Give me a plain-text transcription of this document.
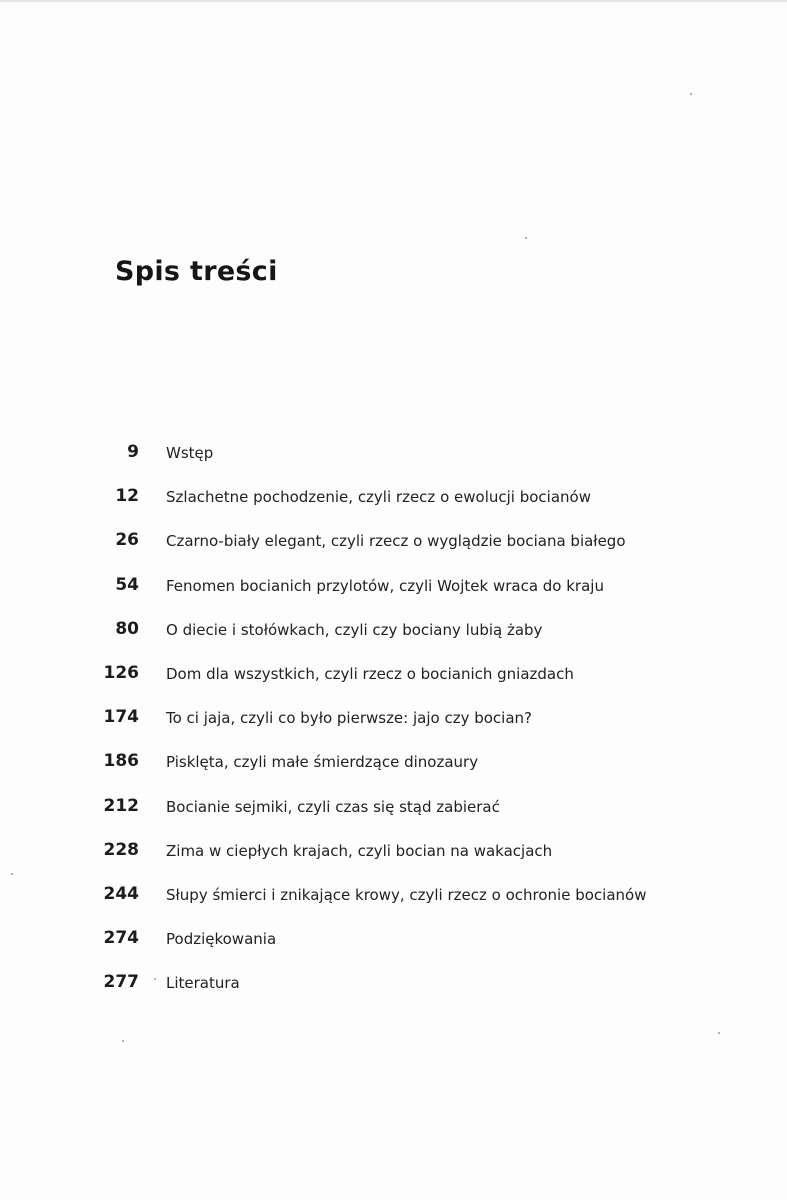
Spis treści
9 Wstęp
12 Szlachetne pochodzenie, czyli rzecz o ewolucji bocianów
26 Czarno-biały elegant, czyli rzecz o wyglądzie bociana białego
54 Fenomen bocianich przylotów, czyli Wojtek wraca do kraju
80 O diecie i stołówkach, czyli czy bociany lubią żaby
126 Dom dla wszystkich, czyli rzecz o bocianich gniazdach
174 To ci jaja, czyli co było pierwsze: jajo czy bocian?
186 Pisklęta, czyli małe śmierdzące dinozaury
212 Bocianie sejmiki, czyli czas się stąd zabierać
228 Zima w ciepłych krajach, czyli bocian na wakacjach
244 Słupy śmierci i znikające krowy, czyli rzecz o ochronie bocianów
274 Podziękowania
277 Literatura
